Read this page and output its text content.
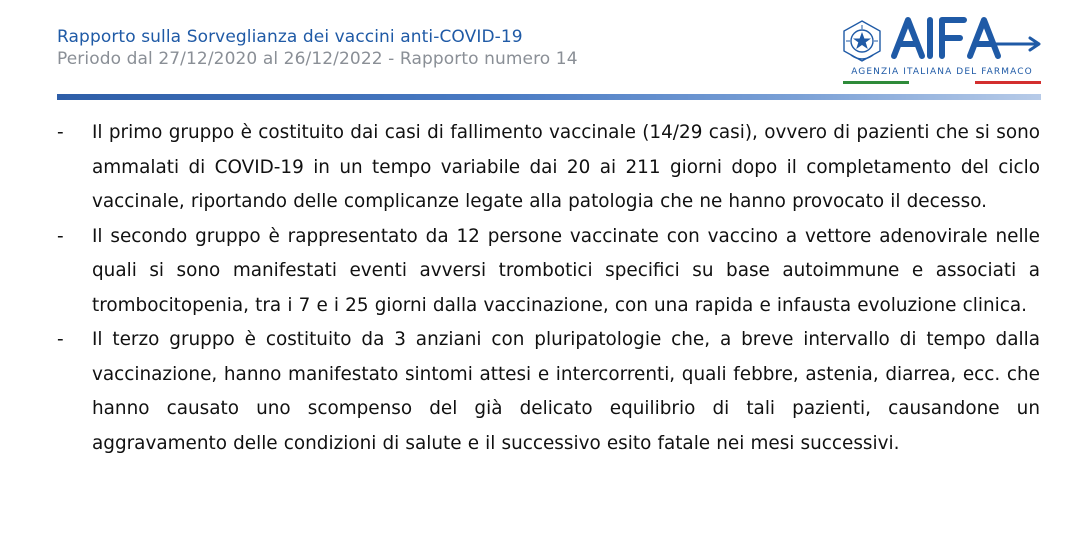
Rapporto sulla Sorveglianza dei vaccini anti-COVID-19
Periodo dal 27/12/2020 al 26/12/2022 - Rapporto numero 14
AGENZIA ITALIANA DEL FARMACO
- Il primo gruppo è costituito dai casi di fallimento vaccinale (14/29 casi), ovvero di pazienti che si sono ammalati di COVID-19 in un tempo variabile dai 20 ai 211 giorni dopo il completamento del ciclo vaccinale, riportando delle complicanze legate alla patologia che ne hanno provocato il decesso.
- Il secondo gruppo è rappresentato da 12 persone vaccinate con vaccino a vettore adenovirale nelle quali si sono manifestati eventi avversi trombotici specifici su base autoimmune e associati a trombocitopenia, tra i 7 e i 25 giorni dalla vaccinazione, con una rapida e infausta evoluzione clinica.
- Il terzo gruppo è costituito da 3 anziani con pluripatologie che, a breve intervallo di tempo dalla vaccinazione, hanno manifestato sintomi attesi e intercorrenti, quali febbre, astenia, diarrea, ecc. che hanno causato uno scompenso del già delicato equilibrio di tali pazienti, causandone un aggravamento delle condizioni di salute e il successivo esito fatale nei mesi successivi.
